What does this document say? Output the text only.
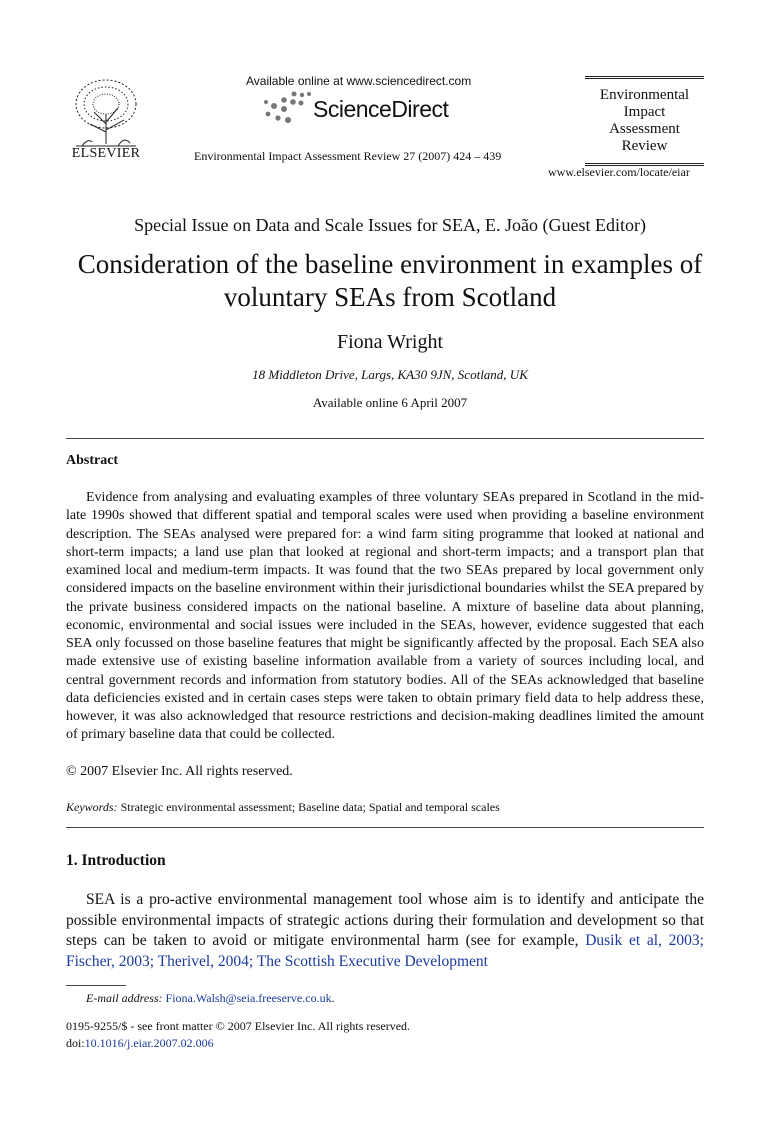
ELSEVIER
Available online at www.sciencedirect.com
ScienceDirect
Environmental Impact Assessment Review 27 (2007) 424 – 439
Environmental
Impact
Assessment
Review
www.elsevier.com/locate/eiar
Special Issue on Data and Scale Issues for SEA, E. João (Guest Editor)
Consideration of the baseline environment in examples of voluntary SEAs from Scotland
Fiona Wright
18 Middleton Drive, Largs, KA30 9JN, Scotland, UK
Available online 6 April 2007
Abstract
Evidence from analysing and evaluating examples of three voluntary SEAs prepared in Scotland in the mid-late 1990s showed that different spatial and temporal scales were used when providing a baseline environment description. The SEAs analysed were prepared for: a wind farm siting programme that looked at national and short-term impacts; a land use plan that looked at regional and short-term impacts; and a transport plan that examined local and medium-term impacts. It was found that the two SEAs prepared by local government only considered impacts on the baseline environment within their jurisdictional boundaries whilst the SEA prepared by the private business considered impacts on the national baseline. A mixture of baseline data about planning, economic, environmental and social issues were included in the SEAs, however, evidence suggested that each SEA only focussed on those baseline features that might be significantly affected by the proposal. Each SEA also made extensive use of existing baseline information available from a variety of sources including local, and central government records and information from statutory bodies. All of the SEAs acknowledged that baseline data deficiencies existed and in certain cases steps were taken to obtain primary field data to help address these, however, it was also acknowledged that resource restrictions and decision-making deadlines limited the amount of primary baseline data that could be collected.
© 2007 Elsevier Inc. All rights reserved.
Keywords: Strategic environmental assessment; Baseline data; Spatial and temporal scales
1. Introduction
SEA is a pro-active environmental management tool whose aim is to identify and anticipate the possible environmental impacts of strategic actions during their formulation and development so that steps can be taken to avoid or mitigate environmental harm (see for example, Dusik et al, 2003; Fischer, 2003; Therivel, 2004; The Scottish Executive Development
E-mail address: Fiona.Walsh@seia.freeserve.co.uk.
0195-9255/$ - see front matter © 2007 Elsevier Inc. All rights reserved.
doi:10.1016/j.eiar.2007.02.006
